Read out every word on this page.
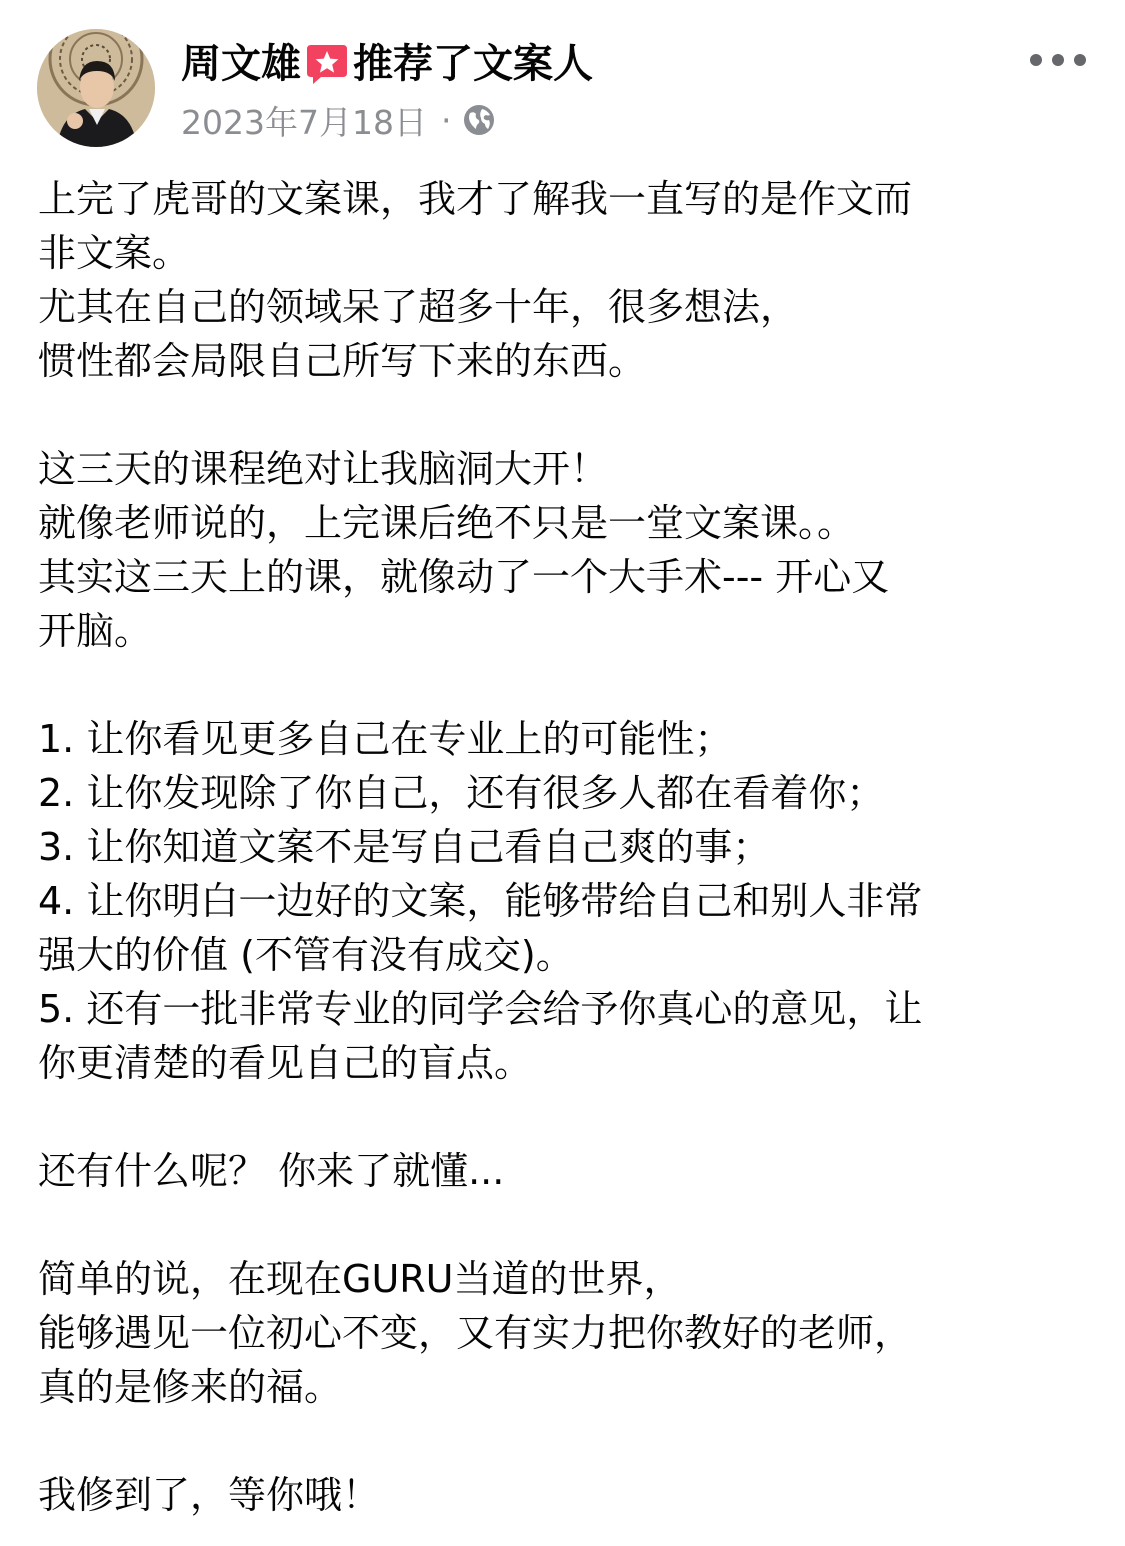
周文雄 推荐了 文案人
2023年7月18日 ·
上完了虎哥的文案课，我才了解我一直写的是作文而
非文案。
尤其在自己的领域呆了超多十年，很多想法，
惯性都会局限自己所写下来的东西。
这三天的课程绝对让我脑洞大开！
就像老师说的，上完课后绝不只是一堂文案课。。
其实这三天上的课，就像动了一个大手术--- 开心又
开脑。
1. 让你看见更多自己在专业上的可能性；
2. 让你发现除了你自己，还有很多人都在看着你；
3. 让你知道文案不是写自己看自己爽的事；
4. 让你明白一边好的文案，能够带给自己和别人非常
强大的价值 (不管有没有成交)。
5. 还有一批非常专业的同学会给予你真心的意见，让
你更清楚的看见自己的盲点。
还有什么呢？ 你来了就懂...
简单的说，在现在GURU当道的世界，
能够遇见一位初心不变，又有实力把你教好的老师，
真的是修来的福。
我修到了，等你哦！
